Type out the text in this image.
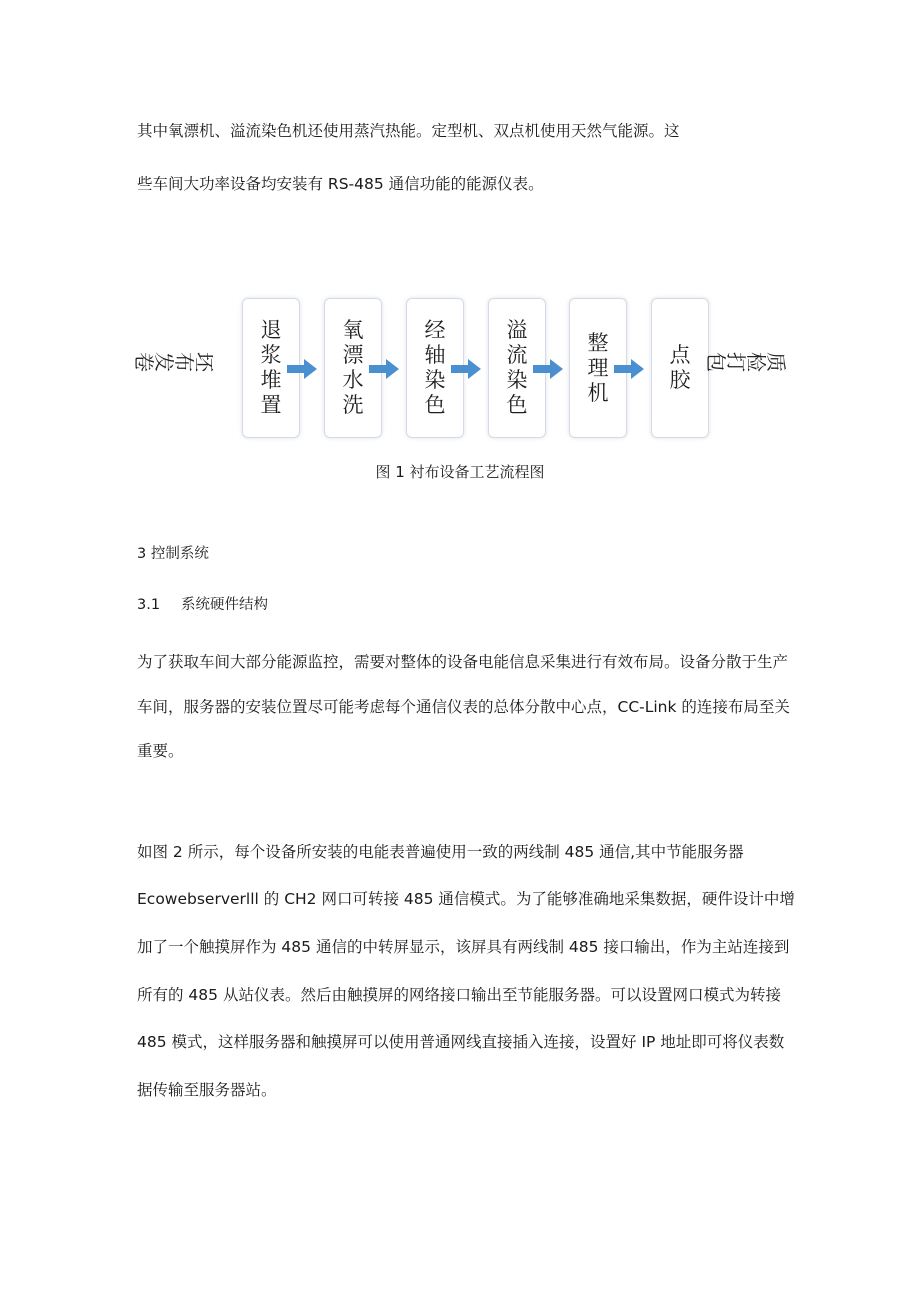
其中氧漂机、溢流染色机还使用蒸汽热能。定型机、双点机使用天然气能源。这

些车间大功率设备均安装有 RS-485 通信功能的能源仪表。

坯布发卷
退浆堆置
氧漂水洗
经轴染色
溢流染色
整理机
点胶
质检打包
图 1 衬布设备工艺流程图

3 控制系统

3.1 系统硬件结构

为了获取车间大部分能源监控，需要对整体的设备电能信息采集进行有效布局。设备分散于生产

车间，服务器的安装位置尽可能考虑每个通信仪表的总体分散中心点，CC-Link 的连接布局至关

重要。

如图 2 所示，每个设备所安装的电能表普遍使用一致的两线制 485 通信,其中节能服务器

Ecowebserverlll 的 CH2 网口可转接 485 通信模式。为了能够准确地采集数据，硬件设计中增

加了一个触摸屏作为 485 通信的中转屏显示，该屏具有两线制 485 接口输出，作为主站连接到

所有的 485 从站仪表。然后由触摸屏的网络接口输出至节能服务器。可以设置网口模式为转接

485 模式，这样服务器和触摸屏可以使用普通网线直接插入连接，设置好 IP 地址即可将仪表数

据传输至服务器站。
